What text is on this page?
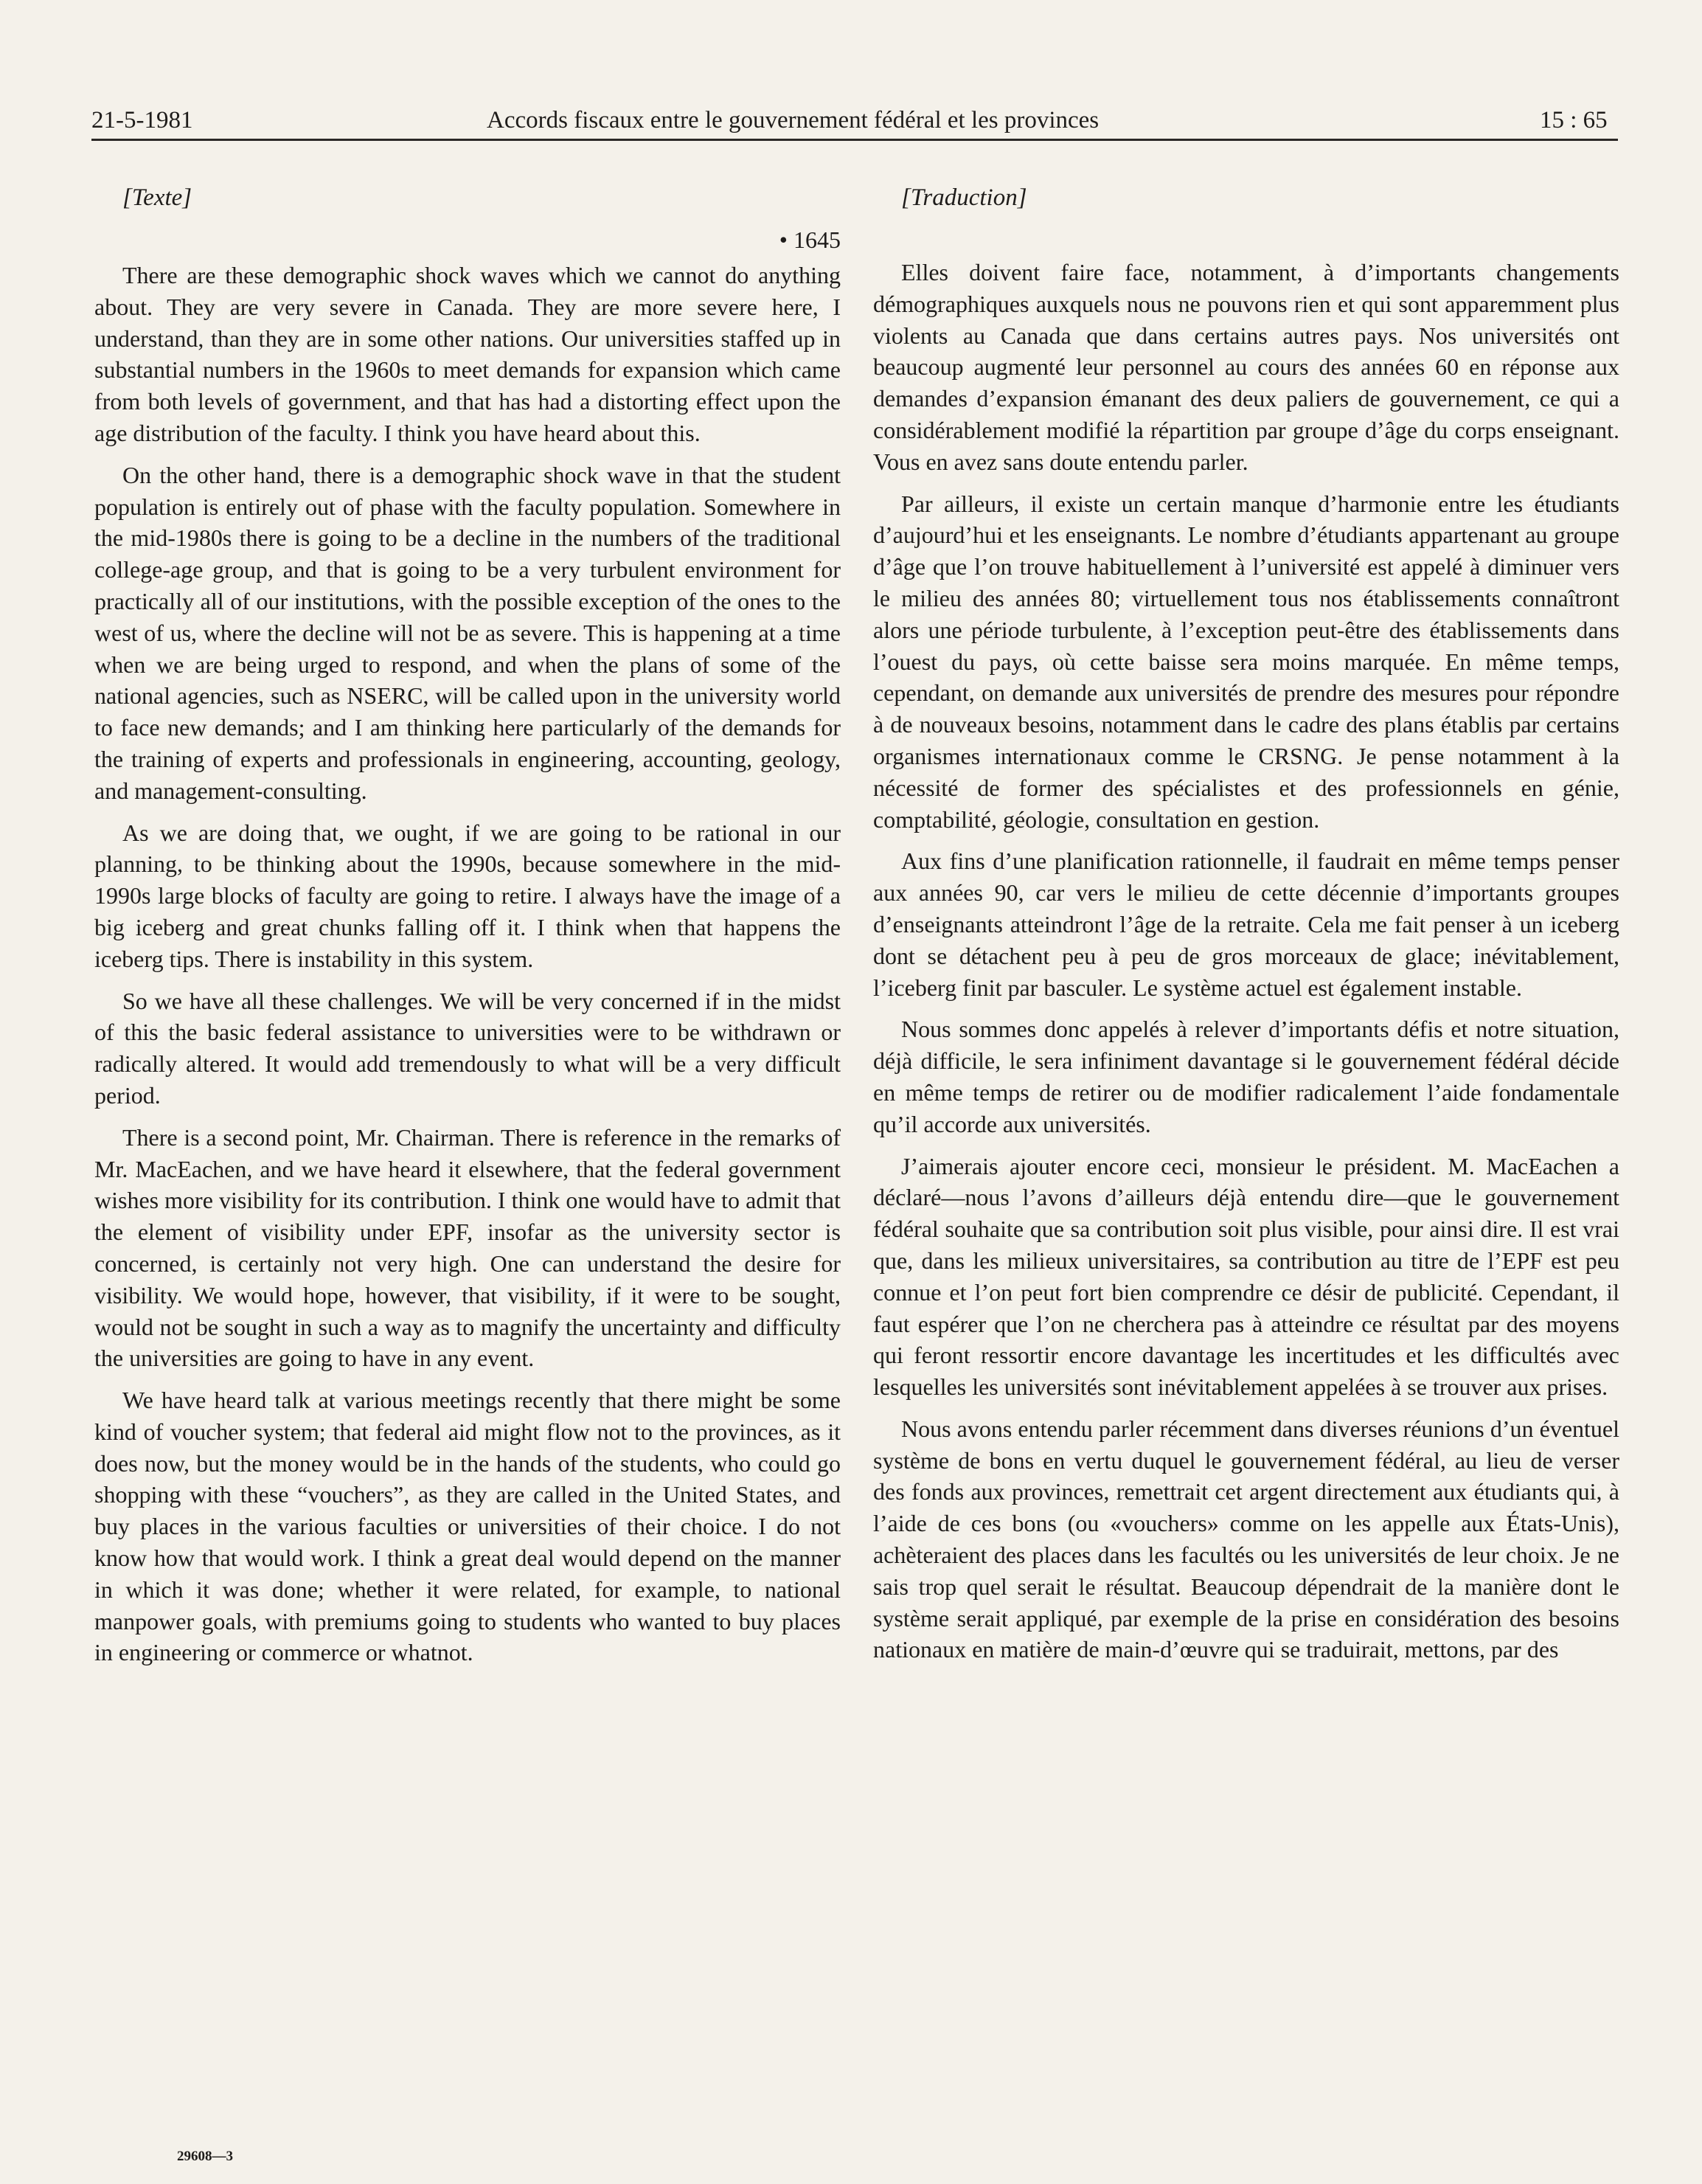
21-5-1981	Accords fiscaux entre le gouvernement fédéral et les provinces	15 : 65

[Texte]

• 1645

There are these demographic shock waves which we cannot do anything about. They are very severe in Canada. They are more severe here, I understand, than they are in some other nations. Our universities staffed up in substantial numbers in the 1960s to meet demands for expansion which came from both levels of government, and that has had a distorting effect upon the age distribution of the faculty. I think you have heard about this.

On the other hand, there is a demographic shock wave in that the student population is entirely out of phase with the faculty population. Somewhere in the mid-1980s there is going to be a decline in the numbers of the traditional college-age group, and that is going to be a very turbulent environment for practically all of our institutions, with the possible exception of the ones to the west of us, where the decline will not be as severe. This is happening at a time when we are being urged to respond, and when the plans of some of the national agencies, such as NSERC, will be called upon in the university world to face new demands; and I am thinking here particularly of the demands for the training of experts and professionals in engineering, accounting, geology, and management-consulting.

As we are doing that, we ought, if we are going to be rational in our planning, to be thinking about the 1990s, because somewhere in the mid-1990s large blocks of faculty are going to retire. I always have the image of a big iceberg and great chunks falling off it. I think when that happens the iceberg tips. There is instability in this system.

So we have all these challenges. We will be very concerned if in the midst of this the basic federal assistance to universities were to be withdrawn or radically altered. It would add tremendously to what will be a very difficult period.

There is a second point, Mr. Chairman. There is reference in the remarks of Mr. MacEachen, and we have heard it elsewhere, that the federal government wishes more visibility for its contribution. I think one would have to admit that the element of visibility under EPF, insofar as the university sector is concerned, is certainly not very high. One can understand the desire for visibility. We would hope, however, that visibility, if it were to be sought, would not be sought in such a way as to magnify the uncertainty and difficulty the universities are going to have in any event.

We have heard talk at various meetings recently that there might be some kind of voucher system; that federal aid might flow not to the provinces, as it does now, but the money would be in the hands of the students, who could go shopping with these “vouchers”, as they are called in the United States, and buy places in the various faculties or universities of their choice. I do not know how that would work. I think a great deal would depend on the manner in which it was done; whether it were related, for example, to national manpower goals, with premiums going to students who wanted to buy places in engineering or commerce or whatnot.

[Traduction]

Elles doivent faire face, notamment, à d’importants changements démographiques auxquels nous ne pouvons rien et qui sont apparemment plus violents au Canada que dans certains autres pays. Nos universités ont beaucoup augmenté leur personnel au cours des années 60 en réponse aux demandes d’expansion émanant des deux paliers de gouvernement, ce qui a considérablement modifié la répartition par groupe d’âge du corps enseignant. Vous en avez sans doute entendu parler.

Par ailleurs, il existe un certain manque d’harmonie entre les étudiants d’aujourd’hui et les enseignants. Le nombre d’étudiants appartenant au groupe d’âge que l’on trouve habituellement à l’université est appelé à diminuer vers le milieu des années 80; virtuellement tous nos établissements connaîtront alors une période turbulente, à l’exception peut-être des établissements dans l’ouest du pays, où cette baisse sera moins marquée. En même temps, cependant, on demande aux universités de prendre des mesures pour répondre à de nouveaux besoins, notamment dans le cadre des plans établis par certains organismes internationaux comme le CRSNG. Je pense notamment à la nécessité de former des spécialistes et des professionnels en génie, comptabilité, géologie, consultation en gestion.

Aux fins d’une planification rationnelle, il faudrait en même temps penser aux années 90, car vers le milieu de cette décennie d’importants groupes d’enseignants atteindront l’âge de la retraite. Cela me fait penser à un iceberg dont se détachent peu à peu de gros morceaux de glace; inévitablement, l’iceberg finit par basculer. Le système actuel est également instable.

Nous sommes donc appelés à relever d’importants défis et notre situation, déjà difficile, le sera infiniment davantage si le gouvernement fédéral décide en même temps de retirer ou de modifier radicalement l’aide fondamentale qu’il accorde aux universités.

J’aimerais ajouter encore ceci, monsieur le président. M. MacEachen a déclaré—nous l’avons d’ailleurs déjà entendu dire—que le gouvernement fédéral souhaite que sa contribution soit plus visible, pour ainsi dire. Il est vrai que, dans les milieux universitaires, sa contribution au titre de l’EPF est peu connue et l’on peut fort bien comprendre ce désir de publicité. Cependant, il faut espérer que l’on ne cherchera pas à atteindre ce résultat par des moyens qui feront ressortir encore davantage les incertitudes et les difficultés avec lesquelles les universités sont inévitablement appelées à se trouver aux prises.

Nous avons entendu parler récemment dans diverses réunions d’un éventuel système de bons en vertu duquel le gouvernement fédéral, au lieu de verser des fonds aux provinces, remettrait cet argent directement aux étudiants qui, à l’aide de ces bons (ou «vouchers» comme on les appelle aux États-Unis), achèteraient des places dans les facultés ou les universités de leur choix. Je ne sais trop quel serait le résultat. Beaucoup dépendrait de la manière dont le système serait appliqué, par exemple de la prise en considération des besoins nationaux en matière de main-d’œuvre qui se traduirait, mettons, par des

29608—3
